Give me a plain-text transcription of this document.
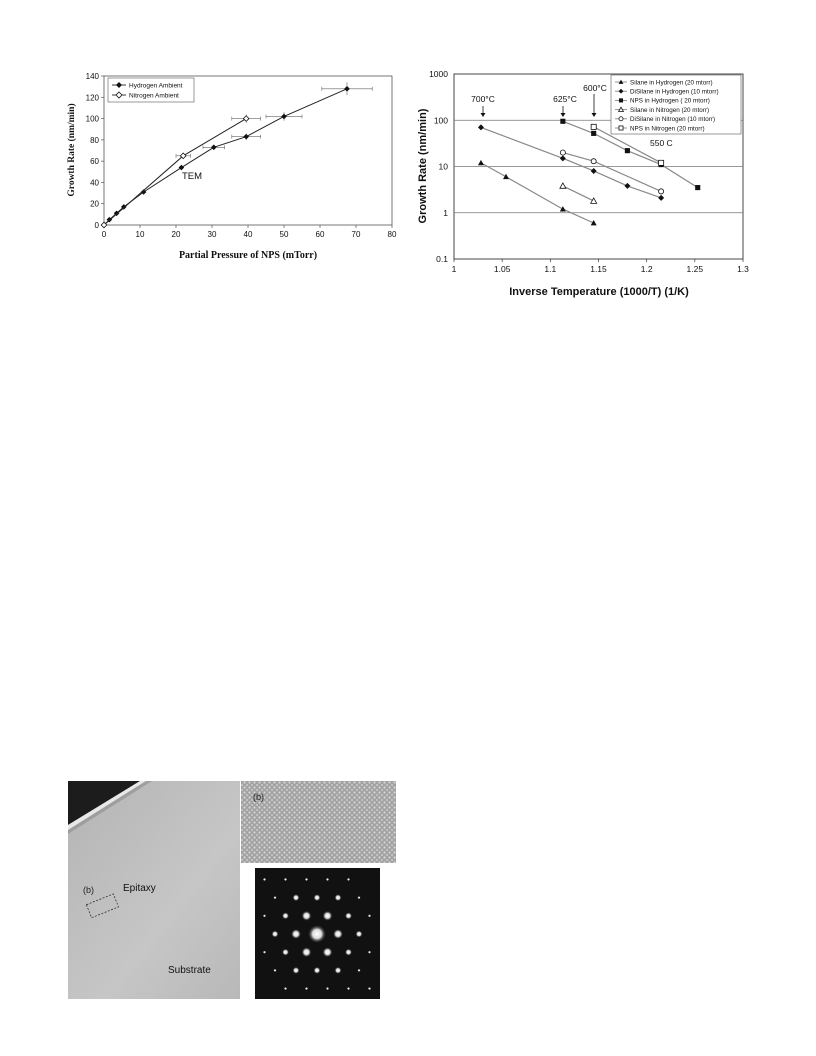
0	10	20	30	40	50	60	70	80
0
20
40
60
80
100
120
140
TEM
Hydrogen Ambient
Nitrogen Ambient
Partial Pressure of NPS (mTorr)
Growth Rate (nm/min)
1	1.05	1.1	1.15	1.2	1.25	1.3
0.1
1
10
100
1000
700°C	625°C
600°C
550 C
Silane in Hydrogen (20 mtorr)
DiSilane in Hydrogen (10 mtorr)
NPS in Hydrogen ( 20 mtorr)
Silane in Nitrogen (20 mtorr)
DiSilane in Nitrogen (10 mtorr)
NPS in Nitrogen (20 mtorr)
Inverse Temperature (1000/T) (1/K)
Growth Rate (nm/min)
(b)	Epitaxy
Substrate
(b)
